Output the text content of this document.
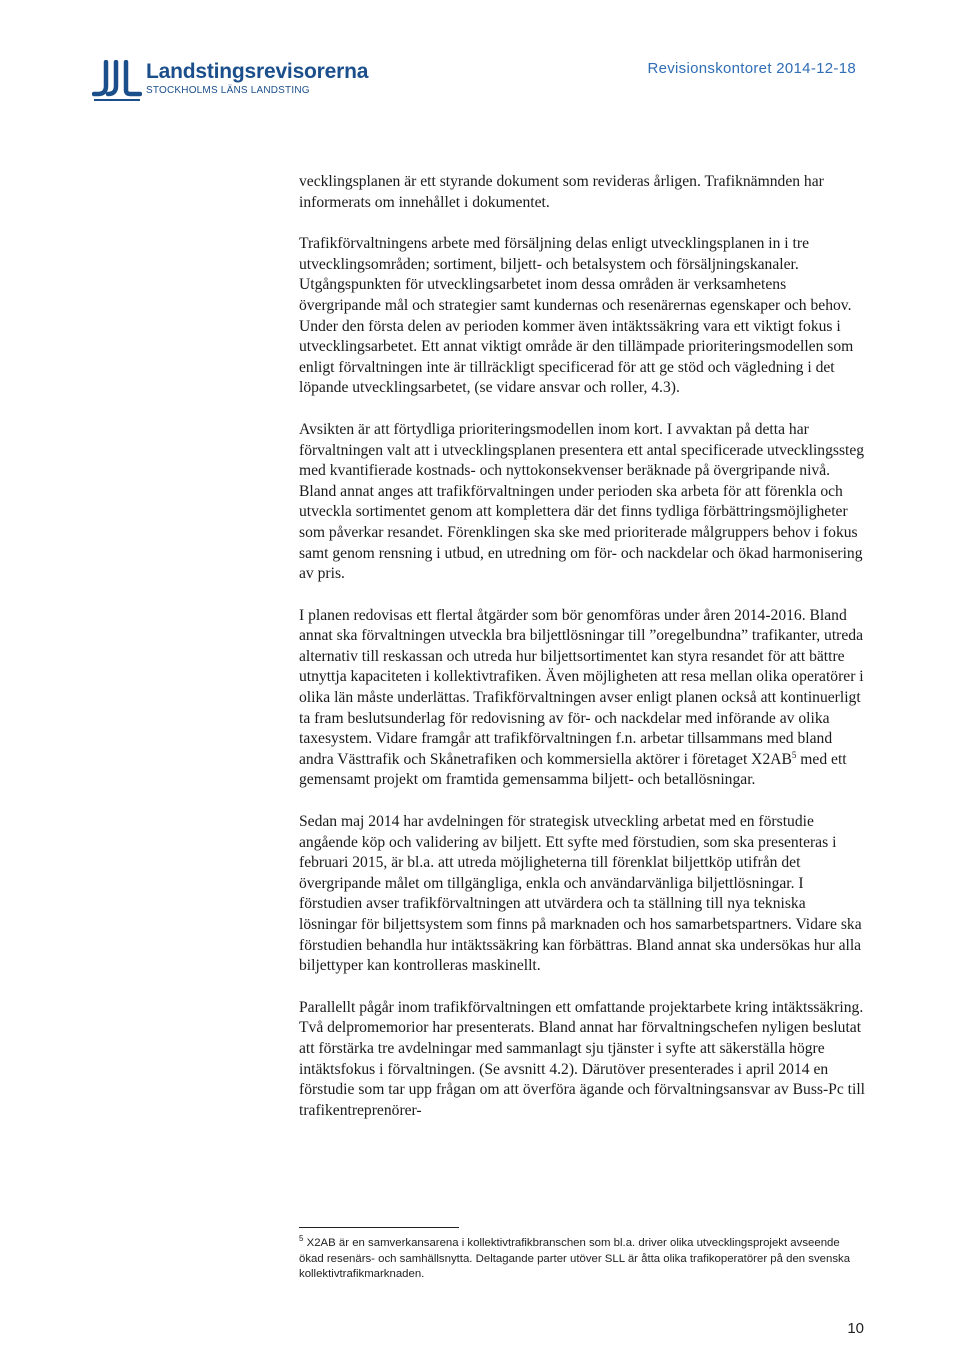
Landstingsrevisorerna
STOCKHOLMS LÄNS LANDSTING
Revisionskontoret 2014-12-18

vecklingsplanen är ett styrande dokument som revideras årligen. Trafiknämnden har informerats om innehållet i dokumentet.

Trafikförvaltningens arbete med försäljning delas enligt utvecklingsplanen in i tre utvecklingsområden; sortiment, biljett- och betalsystem och försäljningskanaler. Utgångspunkten för utvecklingsarbetet inom dessa områden är verksamhetens övergripande mål och strategier samt kundernas och resenärernas egenskaper och behov. Under den första delen av perioden kommer även intäktssäkring vara ett viktigt fokus i utvecklingsarbetet. Ett annat viktigt område är den tillämpade prioriteringsmodellen som enligt förvaltningen inte är tillräckligt specificerad för att ge stöd och vägledning i det löpande utvecklingsarbetet, (se vidare ansvar och roller, 4.3).

Avsikten är att förtydliga prioriteringsmodellen inom kort. I avvaktan på detta har förvaltningen valt att i utvecklingsplanen presentera ett antal specificerade utvecklingssteg med kvantifierade kostnads- och nyttokonsekvenser beräknade på övergripande nivå. Bland annat anges att trafikförvaltningen under perioden ska arbeta för att förenkla och utveckla sortimentet genom att komplettera där det finns tydliga förbättringsmöjligheter som påverkar resandet. Förenklingen ska ske med prioriterade målgruppers behov i fokus samt genom rensning i utbud, en utredning om för- och nackdelar och ökad harmonisering av pris.

I planen redovisas ett flertal åtgärder som bör genomföras under åren 2014-2016. Bland annat ska förvaltningen utveckla bra biljettlösningar till ”oregelbundna” trafikanter, utreda alternativ till reskassan och utreda hur biljettsortimentet kan styra resandet för att bättre utnyttja kapaciteten i kollektivtrafiken. Även möjligheten att resa mellan olika operatörer i olika län måste underlättas. Trafikförvaltningen avser enligt planen också att kontinuerligt ta fram beslutsunderlag för redovisning av för- och nackdelar med införande av olika taxesystem. Vidare framgår att trafikförvaltningen f.n. arbetar tillsammans med bland andra Västtrafik och Skånetrafiken och kommersiella aktörer i företaget $X2AB^5$ med ett gemensamt projekt om framtida gemensamma biljett- och betallösningar.

Sedan maj 2014 har avdelningen för strategisk utveckling arbetat med en förstudie angående köp och validering av biljett. Ett syfte med förstudien, som ska presenteras i februari 2015, är bl.a. att utreda möjligheterna till förenklat biljettköp utifrån det övergripande målet om tillgängliga, enkla och användarvänliga biljettlösningar. I förstudien avser trafikförvaltningen att utvärdera och ta ställning till nya tekniska lösningar för biljettsystem som finns på marknaden och hos samarbetspartners. Vidare ska förstudien behandla hur intäktssäkring kan förbättras. Bland annat ska undersökas hur alla biljettyper kan kontrolleras maskinellt.

Parallellt pågår inom trafikförvaltningen ett omfattande projektarbete kring intäktssäkring. Två delpromemorior har presenterats. Bland annat har förvaltningschefen nyligen beslutat att förstärka tre avdelningar med sammanlagt sju tjänster i syfte att säkerställa högre intäktsfokus i förvaltningen. (Se avsnitt 4.2). Därutöver presenterades i april 2014 en förstudie som tar upp frågan om att överföra ägande och förvaltningsansvar av Buss-Pc till trafikentreprenörer-

$^5$ X2AB är en samverkansarena i kollektivtrafikbranschen som bl.a. driver olika utvecklingsprojekt avseende ökad resenärs- och samhällsnytta. Deltagande parter utöver SLL är åtta olika trafikoperatörer på den svenska kollektivtrafikmarknaden.
10
